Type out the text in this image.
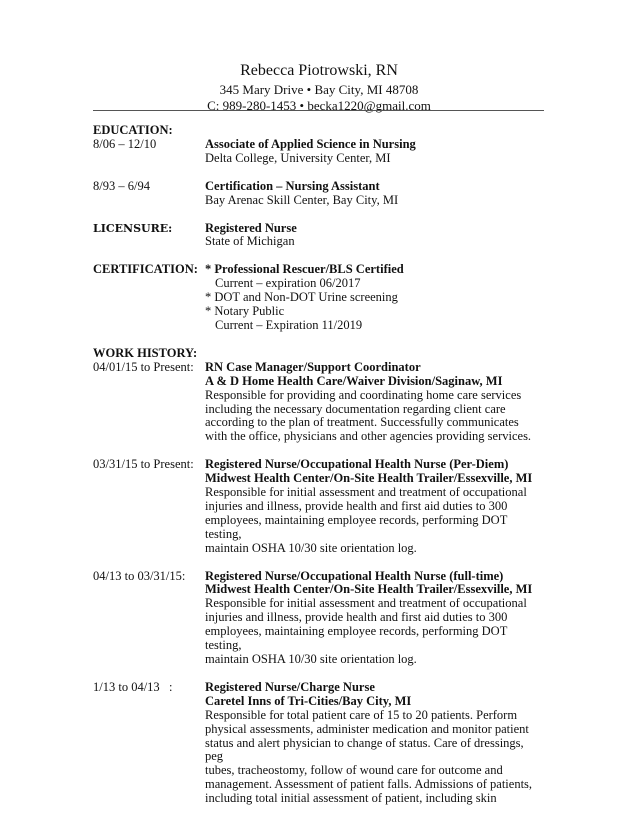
Rebecca Piotrowski, RN
345 Mary Drive • Bay City, MI 48708
C: 989-280-1453 • becka1220@gmail.com
EDUCATION:
8/06 – 12/10	Associate of Applied Science in Nursing
Delta College, University Center, MI
8/93 – 6/94	Certification – Nursing Assistant
Bay Arenac Skill Center, Bay City, MI
LICENSURE:	Registered Nurse
State of Michigan
CERTIFICATION: * Professional Rescuer/BLS Certified
Current – expiration 06/2017
* DOT and Non-DOT Urine screening
* Notary Public
Current – Expiration 11/2019
WORK HISTORY:
04/01/15 to Present: RN Case Manager/Support Coordinator
A & D Home Health Care/Waiver Division/Saginaw, MI
Responsible for providing and coordinating home care services
including the necessary documentation regarding client care
according to the plan of treatment. Successfully communicates
with the office, physicians and other agencies providing services.
03/31/15 to Present: Registered Nurse/Occupational Health Nurse (Per-Diem)
Midwest Health Center/On-Site Health Trailer/Essexville, MI
Responsible for initial assessment and treatment of occupational
injuries and illness, provide health and first aid duties to 300
employees, maintaining employee records, performing DOT testing,
maintain OSHA 10/30 site orientation log.
04/13 to 03/31/15:	Registered Nurse/Occupational Health Nurse (full-time)
Midwest Health Center/On-Site Health Trailer/Essexville, MI
Responsible for initial assessment and treatment of occupational
injuries and illness, provide health and first aid duties to 300
employees, maintaining employee records, performing DOT testing,
maintain OSHA 10/30 site orientation log.
1/13 to 04/13   :	Registered Nurse/Charge Nurse
Caretel Inns of Tri-Cities/Bay City, MI
Responsible for total patient care of 15 to 20 patients. Perform
physical assessments, administer medication and monitor patient
status and alert physician to change of status. Care of dressings, peg
tubes, tracheostomy, follow of wound care for outcome and
management. Assessment of patient falls. Admissions of patients,
including total initial assessment of patient, including skin
